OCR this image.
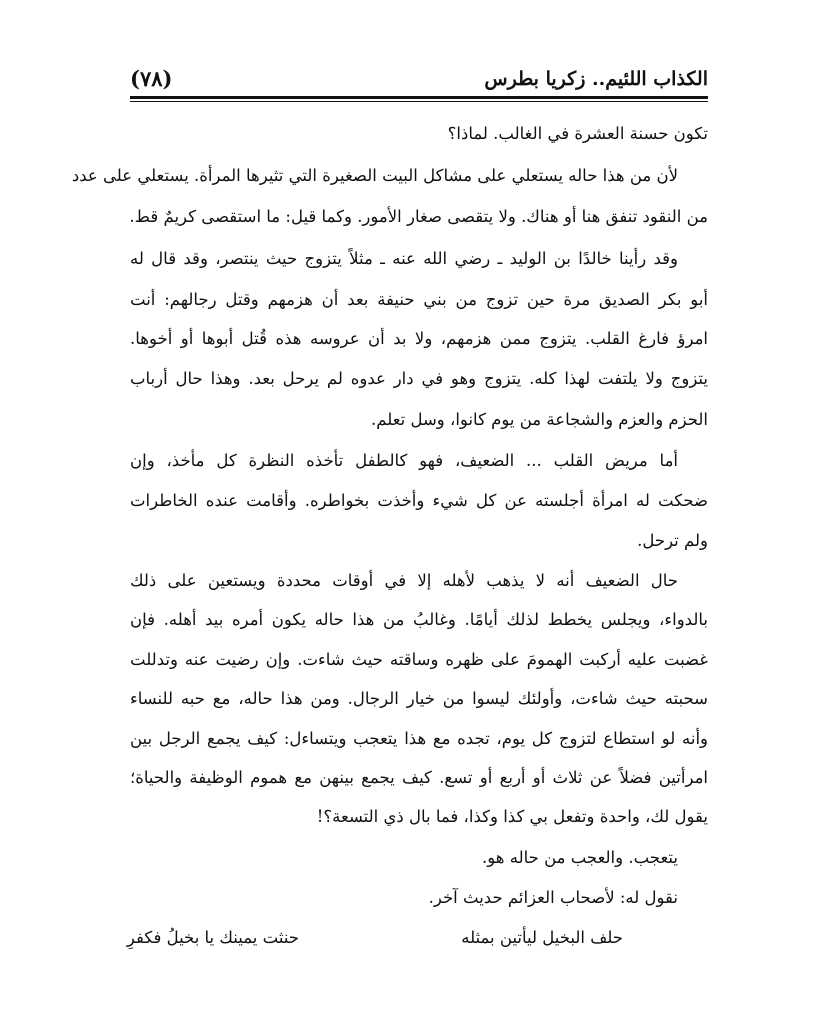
(٧٨)	الكذاب اللئيم.. زكريا بطرس
تكون حسنة العشرة في الغالب. لماذا؟
لأن من هذا حاله يستعلي على مشاكل البيت الصغيرة التي تثيرها المرأة. يستعلي على عدد
من النقود تنفق هنا أو هناك. ولا يتقصى صغار الأمور. وكما قيل: ما استقصى كريمٌ قط.
وقد رأينا خالدًا بن الوليد ـ رضي الله عنه ـ مثلاً يتزوج حيث ينتصر، وقد قال له
أبو بكر الصديق مرة حين تزوج من بني حنيفة بعد أن هزمهم وقتل رجالهم: أنت
امرؤ فارغ القلب. يتزوج ممن هزمهم، ولا بد أن عروسه هذه قُتل أبوها أو أخوها.
يتزوج ولا يلتفت لهذا كله. يتزوج وهو في دار عدوه لم يرحل بعد. وهذا حال أرباب
الحزم والعزم والشجاعة من يوم كانوا، وسل تعلم.
أما مريض القلب ... الضعيف، فهو كالطفل تأخذه النظرة كل مأخذ، وإن
ضحكت له امرأة أجلسته عن كل شيء وأخذت بخواطره. وأقامت عنده الخاطرات
ولم ترحل.
حال الضعيف أنه لا يذهب لأهله إلا في أوقات محددة ويستعين على ذلك
بالدواء، ويجلس يخطط لذلك أيامًا. وغالبُ من هذا حاله يكون أمره بيد أهله. فإن
غضبت عليه أركبت الهمومَ على ظهره وساقته حيث شاءت. وإن رضيت عنه وتدللت
سحبته حيث شاءت، وأولئك ليسوا من خيار الرجال. ومن هذا حاله، مع حبه للنساء
وأنه لو استطاع لتزوج كل يوم، تجده مع هذا يتعجب ويتساءل: كيف يجمع الرجل بين
امرأتين فضلاً عن ثلاث أو أربع أو تسع. كيف يجمع بينهن مع هموم الوظيفة والحياة؛
يقول لك، واحدة وتفعل بي كذا وكذا، فما بال ذي التسعة؟!
يتعجب. والعجب من حاله هو.
نقول له: لأصحاب العزائم حديث آخر.
حلف البخيل ليأتين بمثله
حنثت يمينك يا بخيلُ فكفرِ
